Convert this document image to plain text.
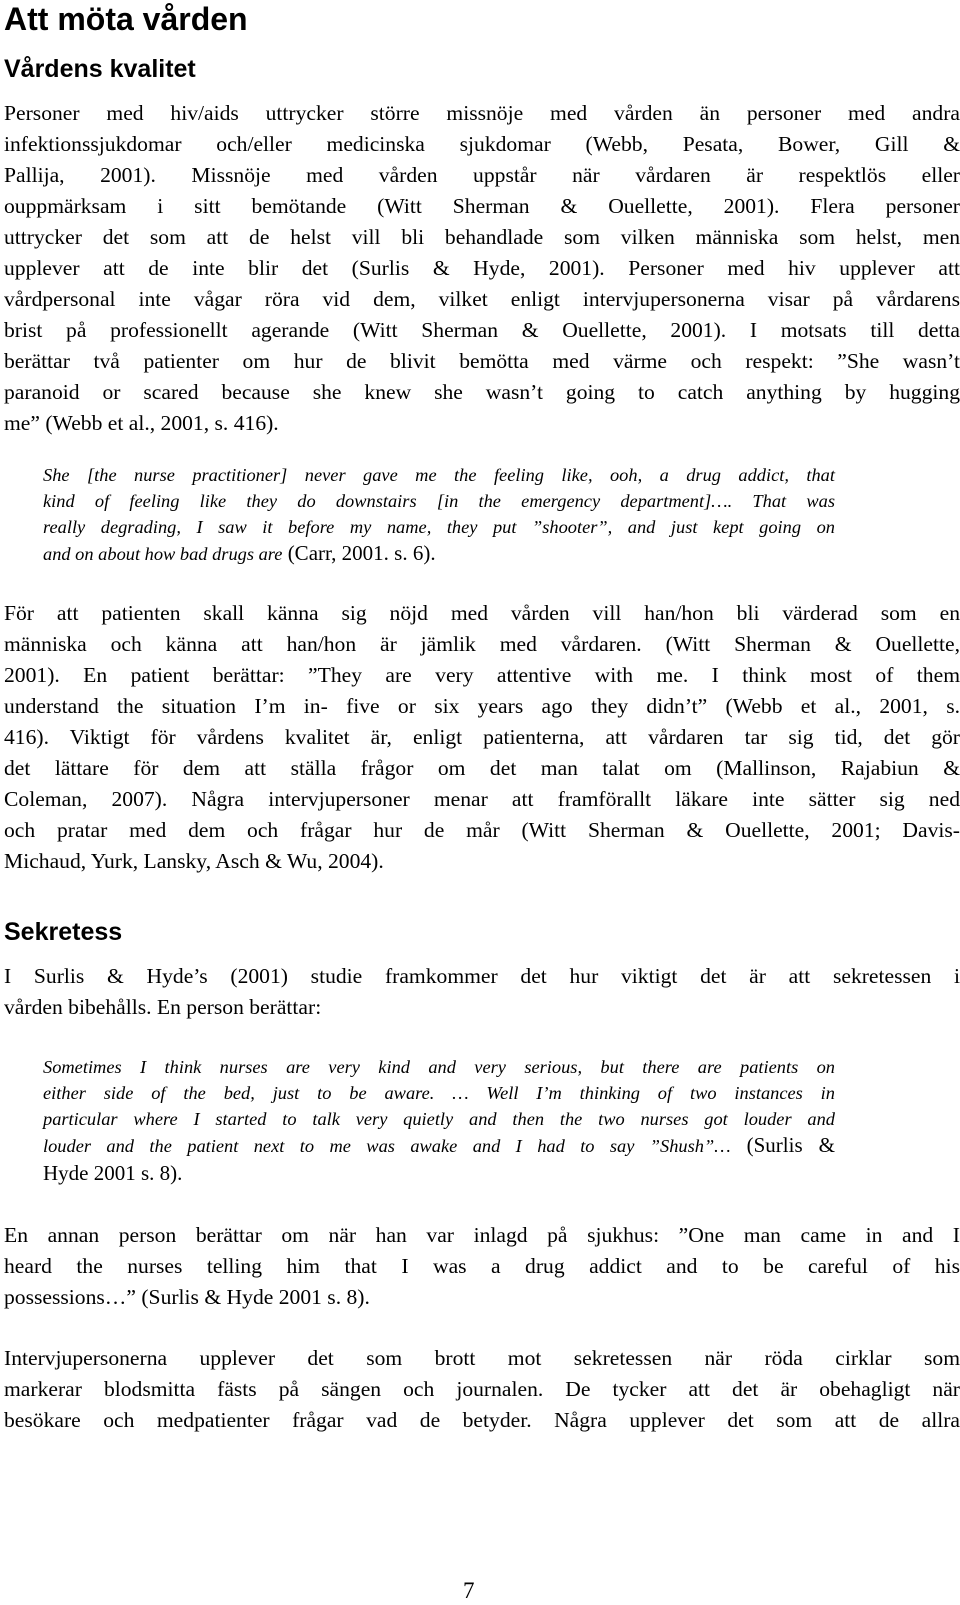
Att möta vården
Vårdens kvalitet
Personer med hiv/aids uttrycker större missnöje med vården än personer med andra
infektionssjukdomar och/eller medicinska sjukdomar (Webb, Pesata, Bower, Gill &
Pallija, 2001). Missnöje med vården uppstår när vårdaren är respektlös eller
ouppmärksam i sitt bemötande (Witt Sherman & Ouellette, 2001). Flera personer
uttrycker det som att de helst vill bli behandlade som vilken människa som helst, men
upplever att de inte blir det (Surlis & Hyde, 2001). Personer med hiv upplever att
vårdpersonal inte vågar röra vid dem, vilket enligt intervjupersonerna visar på vårdarens
brist på professionellt agerande (Witt Sherman & Ouellette, 2001). I motsats till detta
berättar två patienter om hur de blivit bemötta med värme och respekt: ”She wasn’t
paranoid or scared because she knew she wasn’t going to catch anything by hugging
me” (Webb et al., 2001, s. 416).
She [the nurse practitioner] never gave me the feeling like, ooh, a drug addict, that
kind of feeling like they do downstairs [in the emergency department]…. That was
really degrading, I saw it before my name, they put ”shooter”, and just kept going on
and on about how bad drugs are (Carr, 2001. s. 6).
För att patienten skall känna sig nöjd med vården vill han/hon bli värderad som en
människa och känna att han/hon är jämlik med vårdaren. (Witt Sherman & Ouellette,
2001). En patient berättar: ”They are very attentive with me. I think most of them
understand the situation I’m in- five or six years ago they didn’t” (Webb et al., 2001, s.
416). Viktigt för vårdens kvalitet är, enligt patienterna, att vårdaren tar sig tid, det gör
det lättare för dem att ställa frågor om det man talat om (Mallinson, Rajabiun &
Coleman, 2007). Några intervjupersoner menar att framförallt läkare inte sätter sig ned
och pratar med dem och frågar hur de mår (Witt Sherman & Ouellette, 2001; Davis-
Michaud, Yurk, Lansky, Asch & Wu, 2004).
Sekretess
I Surlis & Hyde’s (2001) studie framkommer det hur viktigt det är att sekretessen i
vården bibehålls. En person berättar:
Sometimes I think nurses are very kind and very serious, but there are patients on
either side of the bed, just to be aware. … Well I’m thinking of two instances in
particular where I started to talk very quietly and then the two nurses got louder and
louder and the patient next to me was awake and I had to say ”Shush”… (Surlis &
Hyde 2001 s. 8).
En annan person berättar om när han var inlagd på sjukhus: ”One man came in and I
heard the nurses telling him that I was a drug addict and to be careful of his
possessions…” (Surlis & Hyde 2001 s. 8).
Intervjupersonerna upplever det som brott mot sekretessen när röda cirklar som
markerar blodsmitta fästs på sängen och journalen. De tycker att det är obehagligt när
besökare och medpatienter frågar vad de betyder. Några upplever det som att de allra
7
